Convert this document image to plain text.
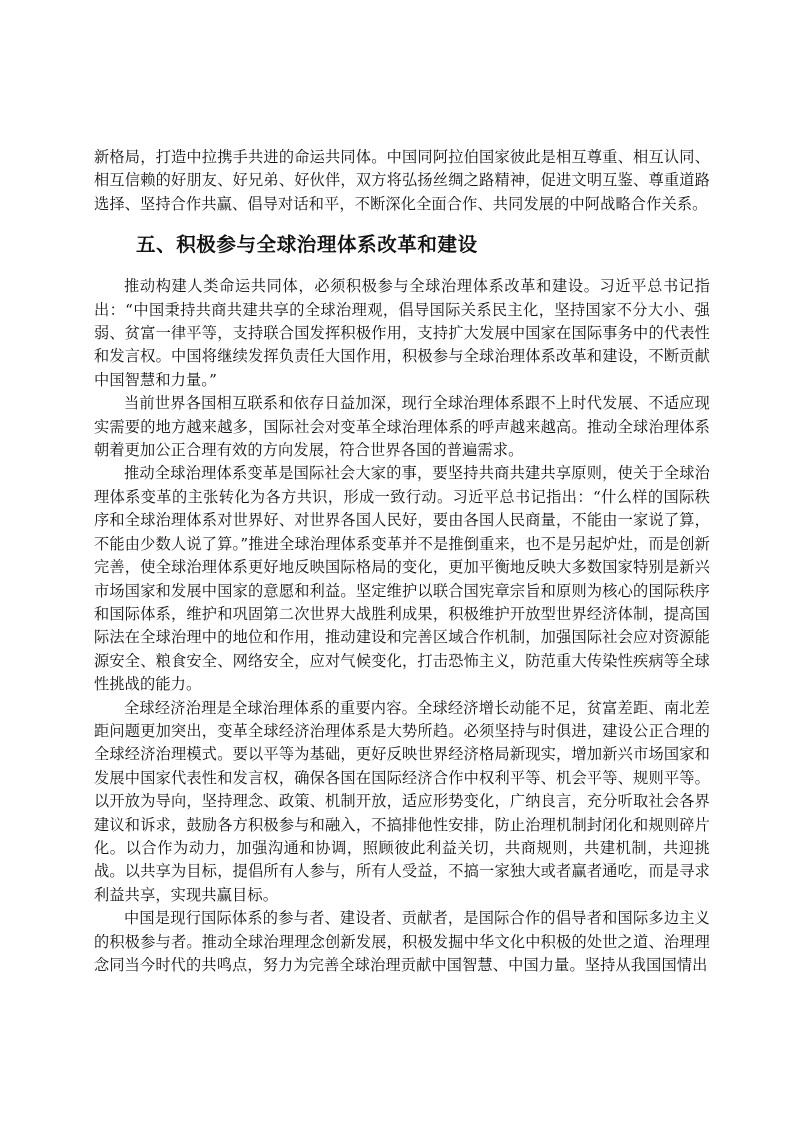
新格局，打造中拉携手共进的命运共同体。中国同阿拉伯国家彼此是相互尊重、相互认同、相互信赖的好朋友、好兄弟、好伙伴，双方将弘扬丝绸之路精神，促进文明互鉴、尊重道路选择、坚持合作共赢、倡导对话和平，不断深化全面合作、共同发展的中阿战略合作关系。

五、积极参与全球治理体系改革和建设

推动构建人类命运共同体，必须积极参与全球治理体系改革和建设。习近平总书记指出：“中国秉持共商共建共享的全球治理观，倡导国际关系民主化，坚持国家不分大小、强弱、贫富一律平等，支持联合国发挥积极作用，支持扩大发展中国家在国际事务中的代表性和发言权。中国将继续发挥负责任大国作用，积极参与全球治理体系改革和建设，不断贡献中国智慧和力量。”

当前世界各国相互联系和依存日益加深，现行全球治理体系跟不上时代发展、不适应现实需要的地方越来越多，国际社会对变革全球治理体系的呼声越来越高。推动全球治理体系朝着更加公正合理有效的方向发展，符合世界各国的普遍需求。

推动全球治理体系变革是国际社会大家的事，要坚持共商共建共享原则，使关于全球治理体系变革的主张转化为各方共识，形成一致行动。习近平总书记指出：“什么样的国际秩序和全球治理体系对世界好、对世界各国人民好，要由各国人民商量，不能由一家说了算，不能由少数人说了算。”推进全球治理体系变革并不是推倒重来，也不是另起炉灶，而是创新完善，使全球治理体系更好地反映国际格局的变化，更加平衡地反映大多数国家特别是新兴市场国家和发展中国家的意愿和利益。坚定维护以联合国宪章宗旨和原则为核心的国际秩序和国际体系，维护和巩固第二次世界大战胜利成果，积极维护开放型世界经济体制，提高国际法在全球治理中的地位和作用，推动建设和完善区域合作机制，加强国际社会应对资源能源安全、粮食安全、网络安全，应对气候变化，打击恐怖主义，防范重大传染性疾病等全球性挑战的能力。

全球经济治理是全球治理体系的重要内容。全球经济增长动能不足，贫富差距、南北差距问题更加突出，变革全球经济治理体系是大势所趋。必须坚持与时俱进，建设公正合理的全球经济治理模式。要以平等为基础，更好反映世界经济格局新现实，增加新兴市场国家和发展中国家代表性和发言权，确保各国在国际经济合作中权利平等、机会平等、规则平等。以开放为导向，坚持理念、政策、机制开放，适应形势变化，广纳良言，充分听取社会各界建议和诉求，鼓励各方积极参与和融入，不搞排他性安排，防止治理机制封闭化和规则碎片化。以合作为动力，加强沟通和协调，照顾彼此利益关切，共商规则，共建机制，共迎挑战。以共享为目标，提倡所有人参与，所有人受益，不搞一家独大或者赢者通吃，而是寻求利益共享，实现共赢目标。

中国是现行国际体系的参与者、建设者、贡献者，是国际合作的倡导者和国际多边主义的积极参与者。推动全球治理理念创新发展，积极发掘中华文化中积极的处世之道、治理理念同当今时代的共鸣点，努力为完善全球治理贡献中国智慧、中国力量。坚持从我国国情出
